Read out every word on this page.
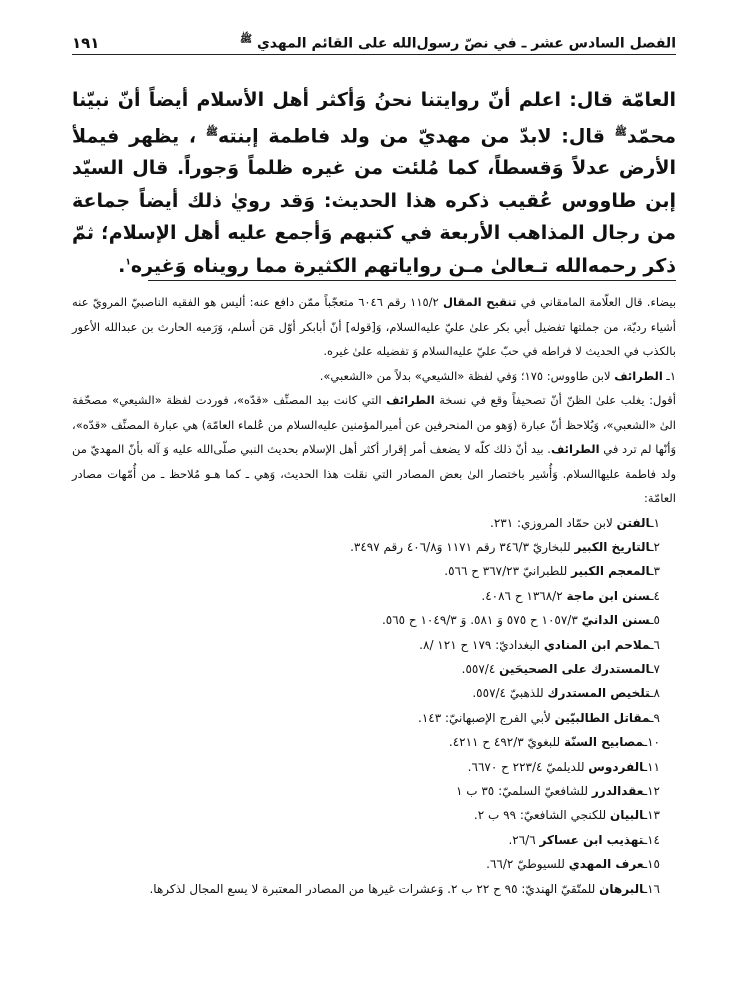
الفصل السادس عشر ـ في نصّ رسول‌الله على القائم المهدي $^ﷺ$
١٩١

العامّة قال: اعلم أنّ روايتنا نحنُ وَأكثر أهل الأسلام أيضاً أنّ نبيّنا محمّد$^ﷺ$ قال: لابدّ من مهديّ من ولد فاطمة إبنته$^ﷺ$ ، يظهر فيملأ الأرض عدلاً وَقسطاً، كما مُلئت من غيره ظلماً وَجوراً. قال السيّد إبن طاووس عُقيب ذكره هذا الحديث: وَقد رويٰ ذلك أيضاً جماعة من رجال المذاهب الأربعة في كتبهم وَأجمع عليه أهل الإسلام؛ ثمّ ذكر رحمه‌الله تـعالىٰ مـن رواياتهم الكثيرة مما رويناه وَغيره$^١$.

بيضاء. قال العلّامة المامقاني في تنقيح المقال ١١٥/٢ رقم ٦٠٤٦ متعجّباً ممّن دافع عنه: أليس هو الفقيه الناصبيّ المرويّ عنه أشياء رديّة، من جملتها تفضيل أبي بكر علىٰ عليّ عليه‌السلام، وَ[قوله] أنّ أبابكر أوّل مَن أسلم، وَرَميه الحارث بن عبدالله الأعور بالكذب في الحديث لا فراطه في حبّ عليّ عليه‌السلام وَ تفضيله علىٰ غيره.

١ـ الطرائف لابن طاووس: ١٧٥؛ وَفي لفظة «الشيعي» بدلاً من «الشعبي».

أقول: يغلب علىٰ الظنّ أنّ تصحيفاً وقع في نسخة الطرائف التي كانت بيد المصنِّف «قدّه»، فوردت لفظة «الشيعي» مصحّفة الىٰ «الشعبي»، وَيُلاحظ أنّ عبارة (وَهو من المنحرفين عن أميرالمؤمنين عليه‌السلام من عُلماء العامّة) هي عبارة المصنِّف «قدّه»، وَأنّها لم ترد في الطرائف. بيد أنّ ذلك كلّه لا يضعف أمر إقرار أكثر أهل الإسلام بحديث النبي صلّى‌الله عليه وَ آله بأنّ المهديّ من ولد فاطمة عليهاالسلام. وَأُشير باختصار الىٰ بعض المصادر التي نقلت هذا الحديث، وَهي ـ كما هـو مُلاحظ ـ من أُمّهات مصادر العامّة:

١ـالفتن لابن حمّاد المروزي: ٢٣١.
٢ـالتاريخ الكبير للبخاريّ ٣٤٦/٣ رقم ١١٧١ وَ٤٠٦/٨ رقم ٣٤٩٧.
٣ـالمعجم الكبير للطبرانيّ ٣٦٧/٢٣ ح ٥٦٦.
٤ـسنن ابن ماجة ١٣٦٨/٢ ح ٤٠٨٦.
٥ـسنن الدانيّ ١٠٥٧/٣ ح ٥٧٥ وَ ٥٨١. وَ ١٠٤٩/٣ ح ٥٦٥.
٦ـملاحم ابن المنادي البغداديّ: ١٧٩ ح ١٢١ /٨.
٧ـالمستدرك على الصحيحَين ٥٥٧/٤.
٨ـتلخيص المستدرك للذهبيّ ٥٥٧/٤.
٩ـمقاتل الطالبيّين لأبي الفرج الإصبهانيّ: ١٤٣.
١٠ـمصابيح السنّة للبغويّ ٤٩٢/٣ ح ٤٢١١.
١١ـالفردوس للديلميّ ٢٢٣/٤ ح ٦٦٧٠.
١٢ـعقدالدرر للشافعيّ السلميّ: ٣٥ ب ١
١٣ـالبيان للكنجي الشافعيّ: ٩٩ ب ٢.
١٤ـتهذيب ابن عساكر ٢٦/٦.
١٥ـعرف المهدي للسيوطيّ ٦٦/٢.
١٦ـالبرهان للمتّقيّ الهنديّ: ٩٥ ح ٢٢ ب ٢. وَعشرات غيرها من المصادر المعتبرة لا يسع المجال لذكرها.
